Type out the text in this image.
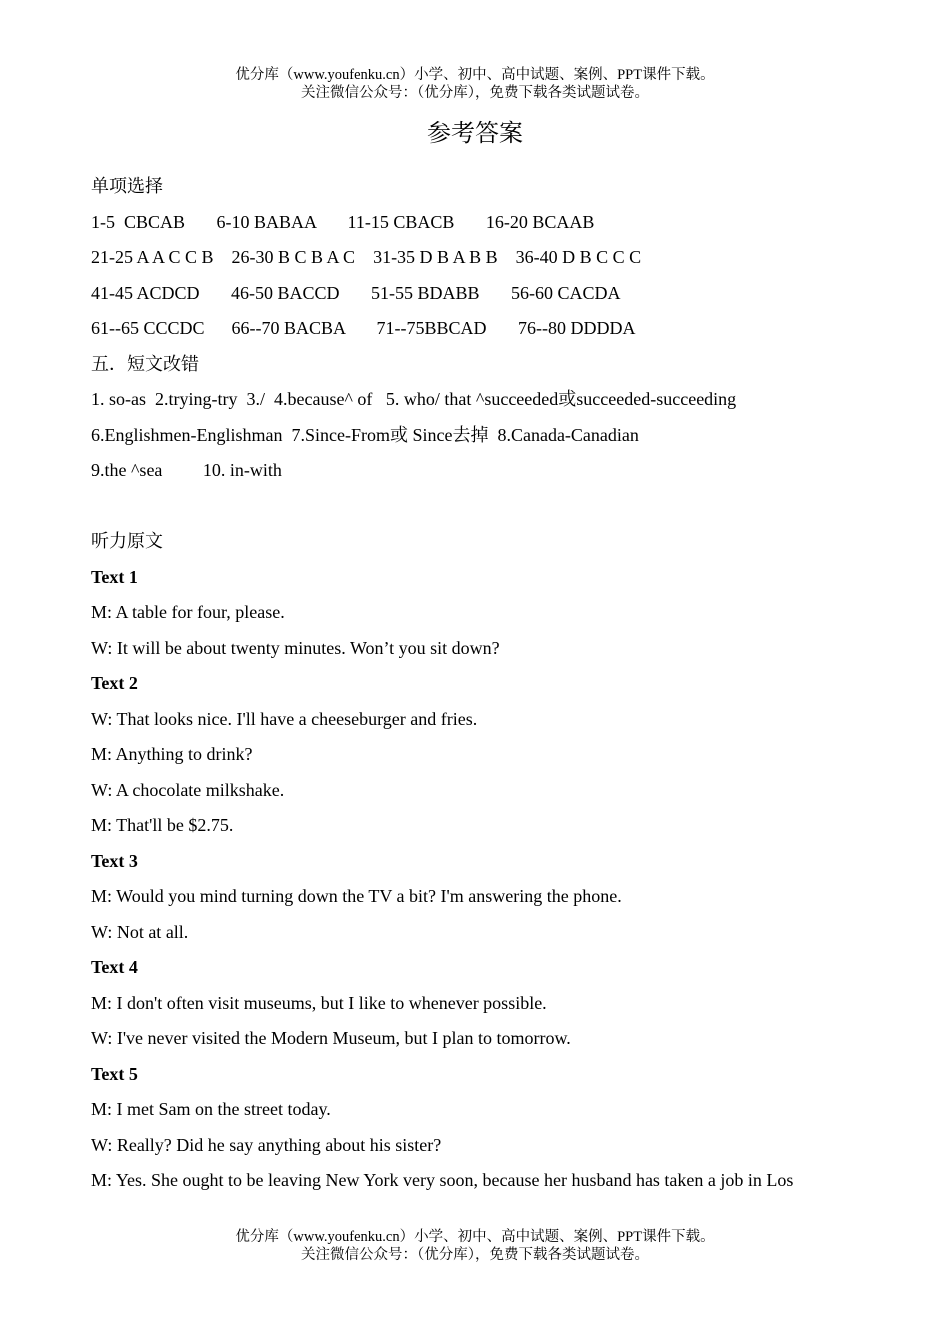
优分库（www.youfenku.cn）小学、初中、高中试题、案例、PPT课件下载。
关注微信公众号：（优分库），免费下载各类试题试卷。
参考答案
单项选择
1-5  CBCAB       6-10 BABAA       11-15 CBACB       16-20 BCAAB
21-25 A A C C B    26-30 B C B A C    31-35 D B A B B    36-40 D B C C C
41-45 ACDCD       46-50 BACCD       51-55 BDABB       56-60 CACDA
61--65 CCCDC      66--70 BACBA       71--75BBCAD       76--80 DDDDA
五．短文改错
1. so-as  2.trying-try  3./  4.because^ of   5. who/ that ^succeeded或succeeded-succeeding
6.Englishmen-Englishman  7.Since-From或 Since去掉  8.Canada-Canadian
9.the ^sea         10. in-with
听力原文
Text 1
M: A table for four, please.
W: It will be about twenty minutes. Won’t you sit down?
Text 2
W: That looks nice. I'll have a cheeseburger and fries.
M: Anything to drink?
W: A chocolate milkshake.
M: That'll be $2.75.
Text 3
M: Would you mind turning down the TV a bit? I'm answering the phone.
W: Not at all.
Text 4
M: I don't often visit museums, but I like to whenever possible.
W: I've never visited the Modern Museum, but I plan to tomorrow.
Text 5
M: I met Sam on the street today.
W: Really? Did he say anything about his sister?
M: Yes. She ought to be leaving New York very soon, because her husband has taken a job in Los
优分库（www.youfenku.cn）小学、初中、高中试题、案例、PPT课件下载。
关注微信公众号：（优分库），免费下载各类试题试卷。
